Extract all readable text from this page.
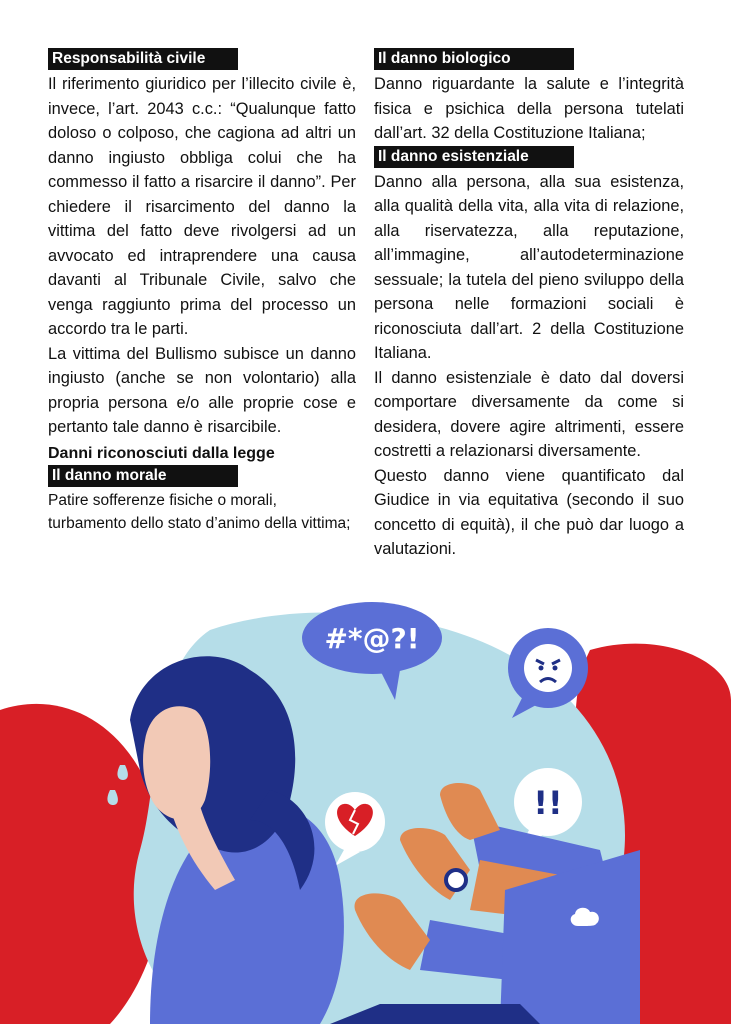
Responsabilità civile

Il riferimento giuridico per l’illecito civile è, invece, l’art. 2043 c.c.: “Qualunque fatto doloso o colposo, che cagiona ad altri un danno ingiusto obbliga colui che ha commesso il fatto a risarcire il danno”. Per chiedere il risarcimento del danno la vittima del fatto deve rivolgersi ad un avvocato ed intraprendere una causa davanti al Tribunale Civile, salvo che venga raggiunto prima del processo un accordo tra le parti.

La vittima del Bullismo subisce un danno ingiusto (anche se non volontario) alla propria persona e/o alle proprie cose e pertanto tale danno è risarcibile.

Danni riconosciuti dalla legge
Il danno morale

Patire sofferenze fisiche o morali, turbamento dello stato d’animo della vittima;

Il danno biologico

Danno riguardante la salute e l’integrità fisica e psichica della persona tutelati dall’art. 32 della Costituzione Italiana;

Il danno esistenziale

Danno alla persona, alla sua esistenza, alla qualità della vita, alla vita di relazione, alla riservatezza, alla reputazione, all’immagine, all’autodeterminazione sessuale; la tutela del pieno sviluppo della persona nelle formazioni sociali è riconosciuta dall’art. 2 della Costituzione Italiana.

Il danno esistenziale è dato dal doversi comportare diversamente da come si desidera, dovere agire altrimenti, essere costretti a relazionarsi diversamente.

Questo danno viene quantificato dal Giudice in via equitativa (secondo il suo concetto di equità), il che può dar luogo a valutazioni.

#*@?!
!!
